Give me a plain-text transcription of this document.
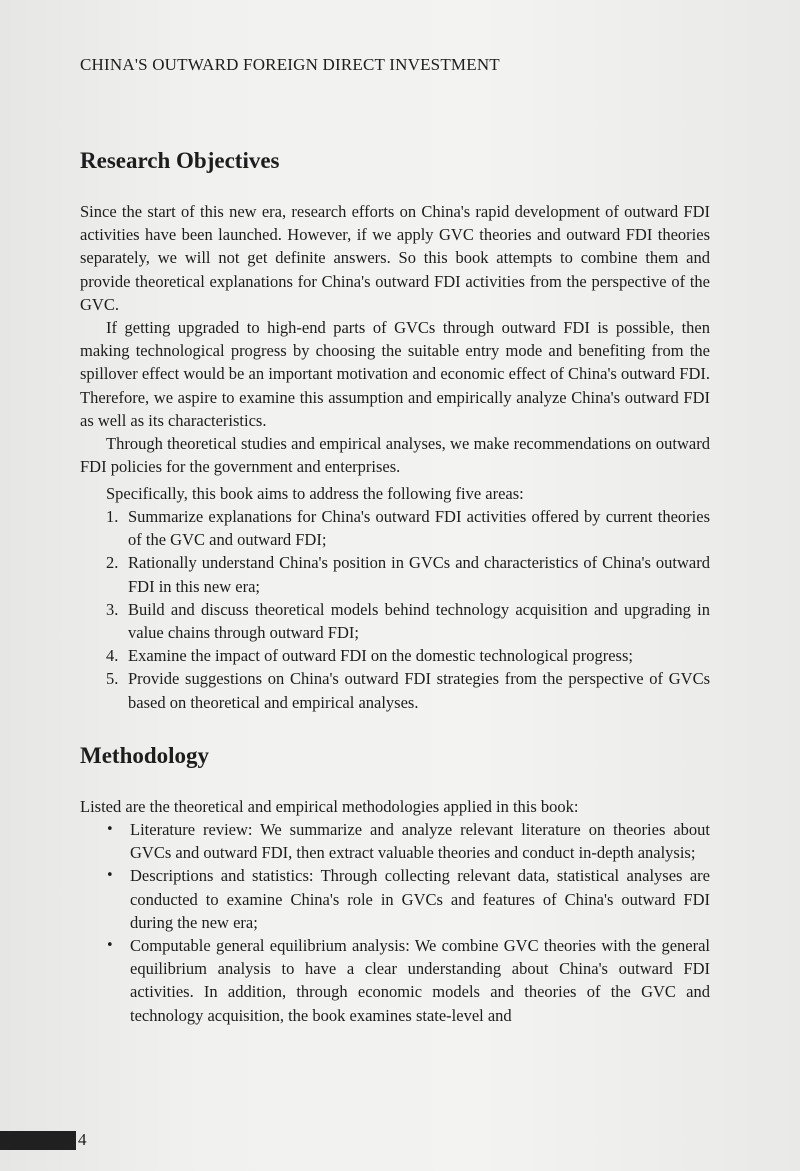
CHINA'S OUTWARD FOREIGN DIRECT INVESTMENT
Research Objectives

Since the start of this new era, research efforts on China's rapid development of outward FDI activities have been launched. However, if we apply GVC theories and outward FDI theories separately, we will not get definite answers. So this book attempts to combine them and provide theoretical explanations for China's outward FDI activities from the perspective of the GVC.

If getting upgraded to high-end parts of GVCs through outward FDI is possible, then making technological progress by choosing the suitable entry mode and benefiting from the spillover effect would be an important motivation and economic effect of China's outward FDI. Therefore, we aspire to examine this assumption and empirically analyze China's outward FDI as well as its characteristics.

Through theoretical studies and empirical analyses, we make recommendations on outward FDI policies for the government and enterprises.

Specifically, this book aims to address the following five areas:

1. Summarize explanations for China's outward FDI activities offered by current theories of the GVC and outward FDI;
2. Rationally understand China's position in GVCs and characteristics of China's outward FDI in this new era;
3. Build and discuss theoretical models behind technology acquisition and upgrading in value chains through outward FDI;
4. Examine the impact of outward FDI on the domestic technological progress;
5. Provide suggestions on China's outward FDI strategies from the perspective of GVCs based on theoretical and empirical analyses.
Methodology

Listed are the theoretical and empirical methodologies applied in this book:

• Literature review: We summarize and analyze relevant literature on theories about GVCs and outward FDI, then extract valuable theories and conduct in-depth analysis;
• Descriptions and statistics: Through collecting relevant data, statistical analyses are conducted to examine China's role in GVCs and features of China's outward FDI during the new era;
• Computable general equilibrium analysis: We combine GVC theories with the general equilibrium analysis to have a clear understanding about China's outward FDI activities. In addition, through economic models and theories of the GVC and technology acquisition, the book examines state-level and
4
